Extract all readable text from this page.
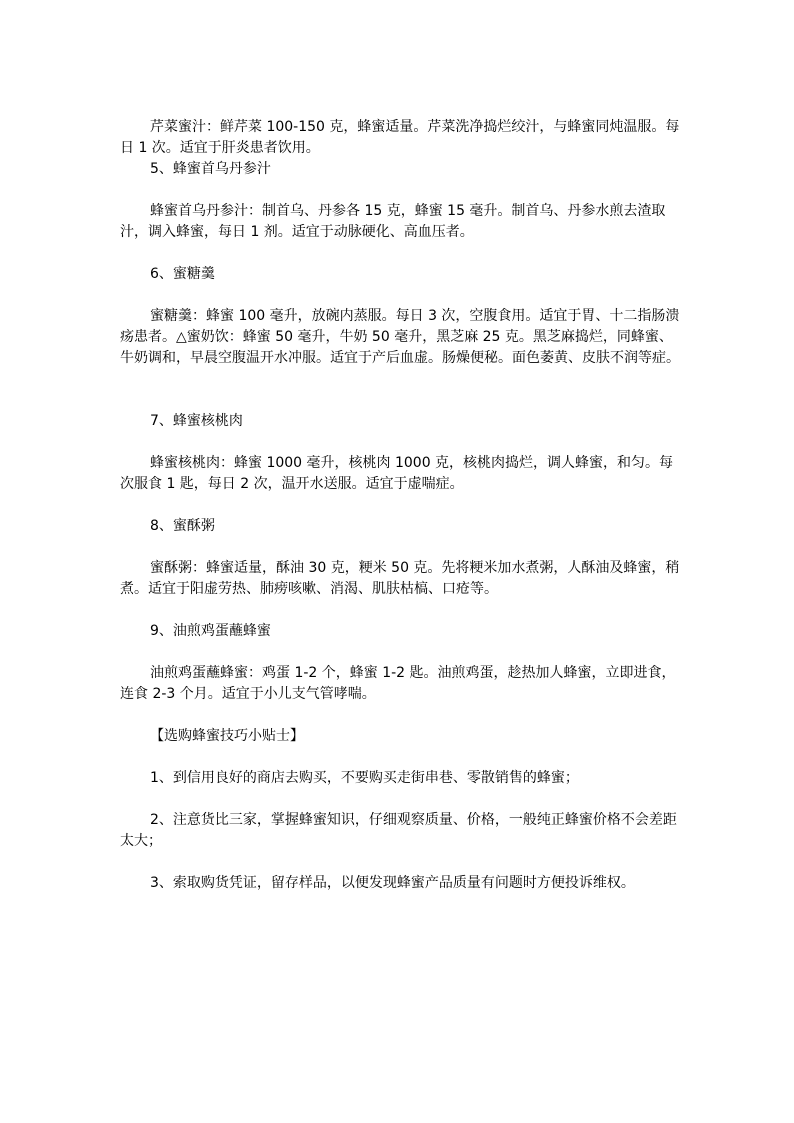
芹菜蜜汁：鲜芹菜 100-150 克，蜂蜜适量。芹菜洗净捣烂绞汁，与蜂蜜同炖温服。每日 1 次。适宜于肝炎患者饮用。

5、蜂蜜首乌丹参汁

蜂蜜首乌丹参汁：制首乌、丹参各 15 克，蜂蜜 15 毫升。制首乌、丹参水煎去渣取汁，调入蜂蜜，每日 1 剂。适宜于动脉硬化、高血压者。

6、蜜糖羹

蜜糖羹：蜂蜜 100 毫升，放碗内蒸服。每日 3 次，空腹食用。适宜于胃、十二指肠溃疡患者。△蜜奶饮：蜂蜜 50 毫升，牛奶 50 毫升，黑芝麻 25 克。黑芝麻捣烂，同蜂蜜、牛奶调和，早晨空腹温开水冲服。适宜于产后血虚。肠燥便秘。面色萎黄、皮肤不润等症。

7、蜂蜜核桃肉

蜂蜜核桃肉：蜂蜜 1000 毫升，核桃肉 1000 克，核桃肉捣烂，调人蜂蜜，和匀。每次服食 1 匙，每日 2 次，温开水送服。适宜于虚喘症。

8、蜜酥粥

蜜酥粥：蜂蜜适量，酥油 30 克，粳米 50 克。先将粳米加水煮粥，人酥油及蜂蜜，稍煮。适宜于阳虚劳热、肺痨咳嗽、消渴、肌肤枯槁、口疮等。

9、油煎鸡蛋蘸蜂蜜

油煎鸡蛋蘸蜂蜜：鸡蛋 1-2 个，蜂蜜 1-2 匙。油煎鸡蛋，趁热加人蜂蜜，立即进食，连食 2-3 个月。适宜于小儿支气管哮喘。

【选购蜂蜜技巧小贴士】

1、到信用良好的商店去购买，不要购买走街串巷、零散销售的蜂蜜；

2、注意货比三家，掌握蜂蜜知识，仔细观察质量、价格，一般纯正蜂蜜价格不会差距太大；

3、索取购货凭证，留存样品，以便发现蜂蜜产品质量有问题时方便投诉维权。
